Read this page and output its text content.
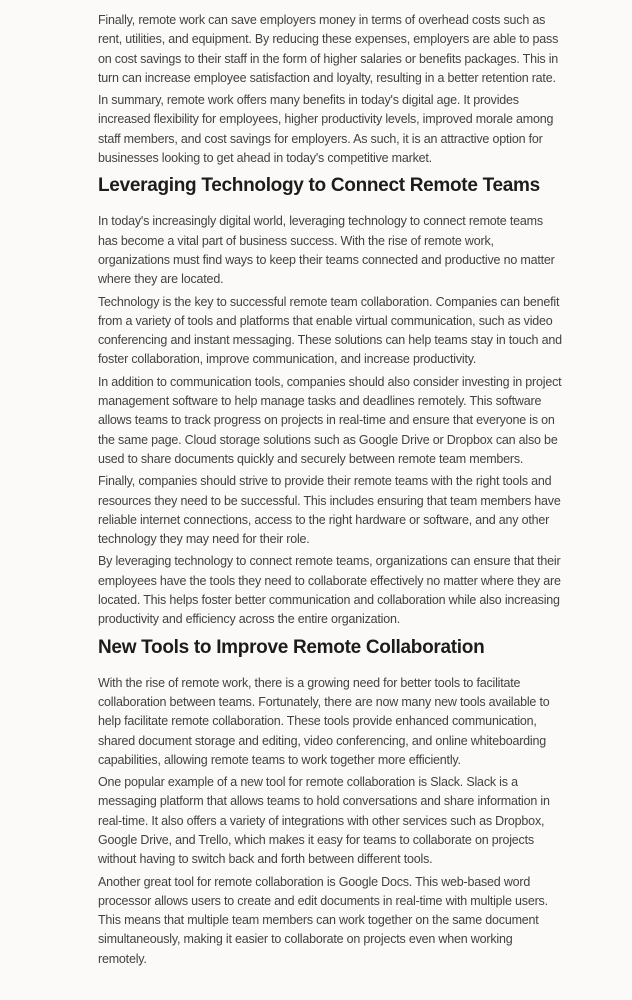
Finally, remote work can save employers money in terms of overhead costs such as rent, utilities, and equipment. By reducing these expenses, employers are able to pass on cost savings to their staff in the form of higher salaries or benefits packages. This in turn can increase employee satisfaction and loyalty, resulting in a better retention rate.

In summary, remote work offers many benefits in today's digital age. It provides increased flexibility for employees, higher productivity levels, improved morale among staff members, and cost savings for employers. As such, it is an attractive option for businesses looking to get ahead in today's competitive market.

Leveraging Technology to Connect Remote Teams

In today's increasingly digital world, leveraging technology to connect remote teams has become a vital part of business success. With the rise of remote work, organizations must find ways to keep their teams connected and productive no matter where they are located.

Technology is the key to successful remote team collaboration. Companies can benefit from a variety of tools and platforms that enable virtual communication, such as video conferencing and instant messaging. These solutions can help teams stay in touch and foster collaboration, improve communication, and increase productivity.

In addition to communication tools, companies should also consider investing in project management software to help manage tasks and deadlines remotely. This software allows teams to track progress on projects in real-time and ensure that everyone is on the same page. Cloud storage solutions such as Google Drive or Dropbox can also be used to share documents quickly and securely between remote team members.

Finally, companies should strive to provide their remote teams with the right tools and resources they need to be successful. This includes ensuring that team members have reliable internet connections, access to the right hardware or software, and any other technology they may need for their role.

By leveraging technology to connect remote teams, organizations can ensure that their employees have the tools they need to collaborate effectively no matter where they are located. This helps foster better communication and collaboration while also increasing productivity and efficiency across the entire organization.

New Tools to Improve Remote Collaboration

With the rise of remote work, there is a growing need for better tools to facilitate collaboration between teams. Fortunately, there are now many new tools available to help facilitate remote collaboration. These tools provide enhanced communication, shared document storage and editing, video conferencing, and online whiteboarding capabilities, allowing remote teams to work together more efficiently.

One popular example of a new tool for remote collaboration is Slack. Slack is a messaging platform that allows teams to hold conversations and share information in real-time. It also offers a variety of integrations with other services such as Dropbox, Google Drive, and Trello, which makes it easy for teams to collaborate on projects without having to switch back and forth between different tools.

Another great tool for remote collaboration is Google Docs. This web-based word processor allows users to create and edit documents in real-time with multiple users. This means that multiple team members can work together on the same document simultaneously, making it easier to collaborate on projects even when working remotely.
